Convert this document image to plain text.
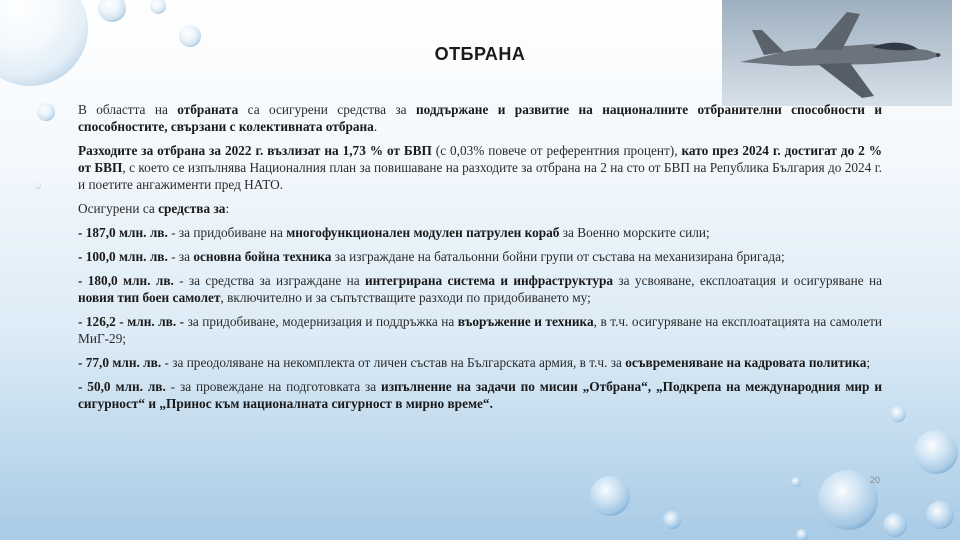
ОТБРАНА

В областта на отбраната са осигурени средства за поддържане и развитие на националните отбранителни способности и способностите, свързани с колективната отбрана.

Разходите за отбрана за 2022 г. възлизат на 1,73 % от БВП (с 0,03% повече от референтния процент), като през 2024 г. достигат до 2 % от БВП, с което се изпълнява Националния план за повишаване на разходите за отбрана на 2 на сто от БВП на Република България до 2024 г. и поетите ангажименти пред НАТО.

Осигурени са средства за:

- 187,0 млн. лв. - за придобиване на многофункционален модулен патрулен кораб за Военно морските сили;

- 100,0 млн. лв. - за основна бойна техника за изграждане на батальонни бойни групи от състава на механизирана бригада;

- 180,0 млн. лв. - за средства за изграждане на интегрирана система и инфраструктура за усвояване, експлоатация и осигуряване на новия тип боен самолет, включително и за съпътстващите разходи по придобиването му;

- 126,2 - млн. лв. - за придобиване, модернизация и поддръжка на въоръжение и техника, в т.ч. осигуряване на експлоатацията на самолети МиГ-29;

- 77,0 млн. лв. - за преодоляване на некомплекта от личен състав на Българската армия, в т.ч. за осъвременяване на кадровата политика;

- 50,0 млн. лв. - за провеждане на подготовката за изпълнение на задачи по мисии „Отбрана“, „Подкрепа на международния мир и сигурност“ и „Принос към националната сигурност в мирно време“.

20
